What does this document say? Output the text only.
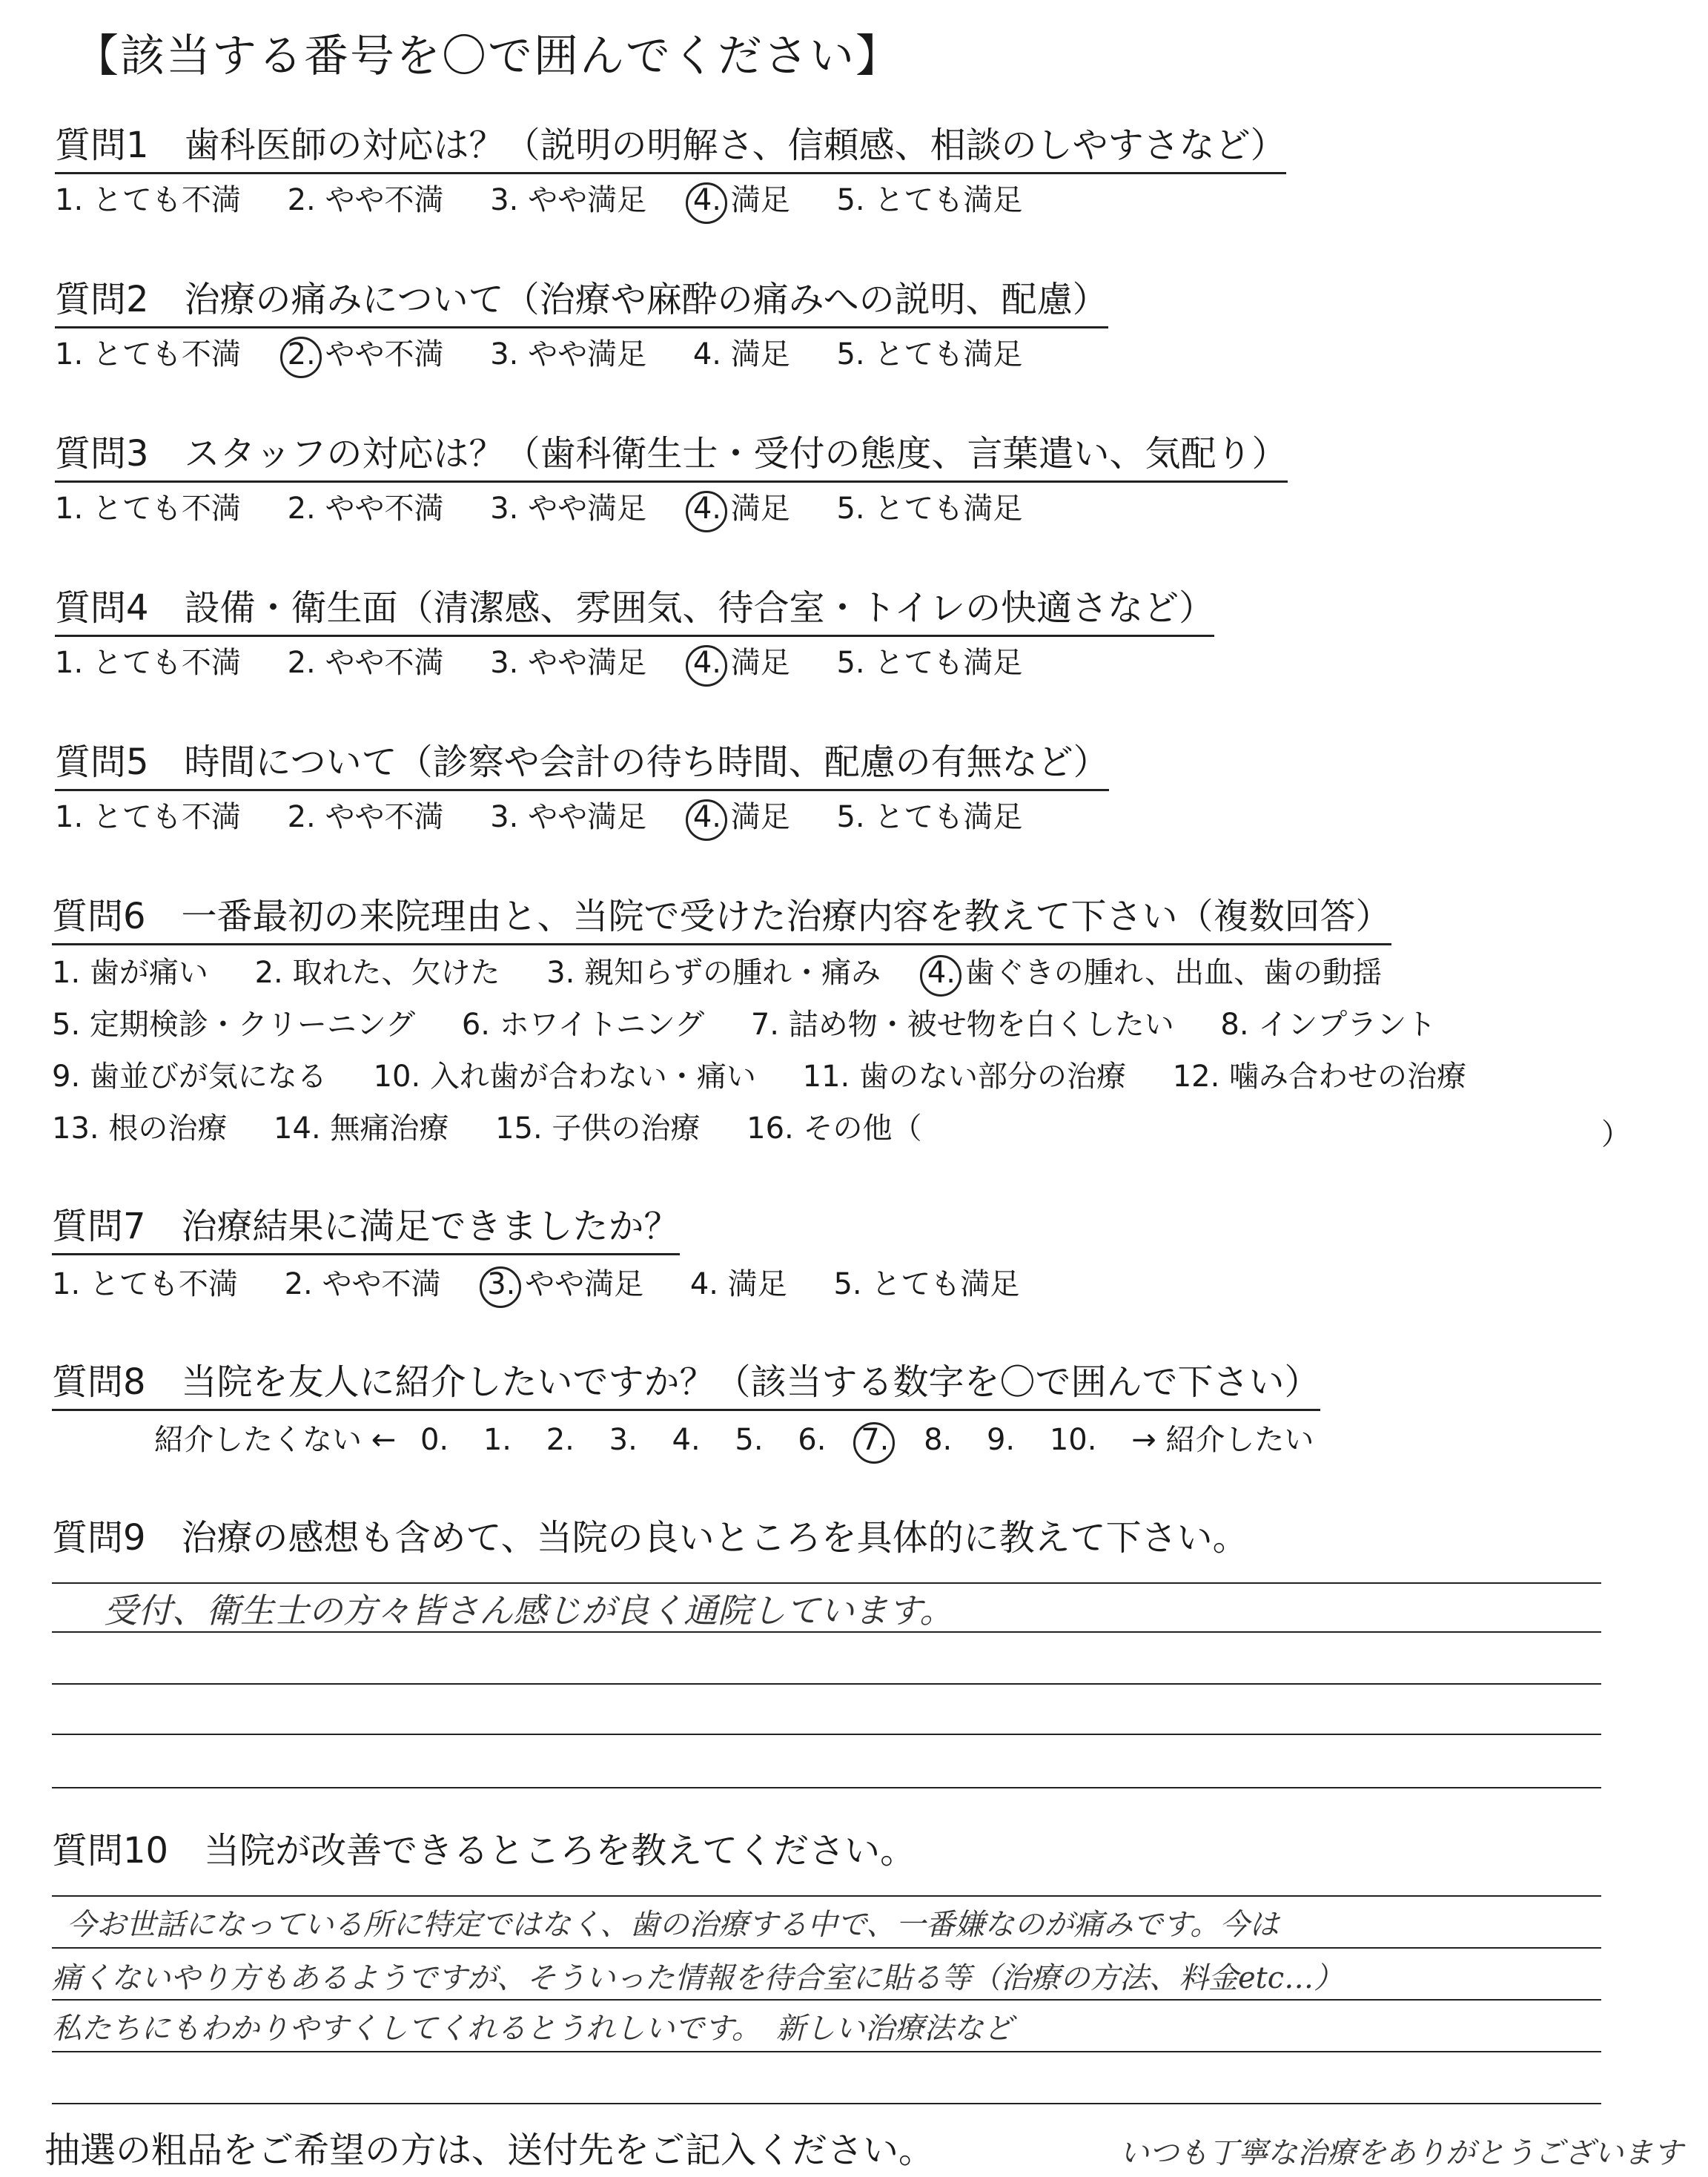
【該当する番号を〇で囲んでください】
質問1　歯科医師の対応は？（説明の明解さ、信頼感、相談のしやすさなど）
1. とても不満 2. やや不満 3. やや満足 4. 満足 5. とても満足
質問2　治療の痛みについて（治療や麻酔の痛みへの説明、配慮）
1. とても不満 2. やや不満 3. やや満足 4. 満足 5. とても満足
質問3　スタッフの対応は？（歯科衛生士・受付の態度、言葉遣い、気配り）
1. とても不満 2. やや不満 3. やや満足 4. 満足 5. とても満足
質問4　設備・衛生面（清潔感、雰囲気、待合室・トイレの快適さなど）
1. とても不満 2. やや不満 3. やや満足 4. 満足 5. とても満足
質問5　時間について（診察や会計の待ち時間、配慮の有無など）
1. とても不満 2. やや不満 3. やや満足 4. 満足 5. とても満足
質問6　一番最初の来院理由と、当院で受けた治療内容を教えて下さい（複数回答）
1. 歯が痛い 2. 取れた、欠けた 3. 親知らずの腫れ・痛み 4. 歯ぐきの腫れ、出血、歯の動揺
5. 定期検診・クリーニング 6. ホワイトニング 7. 詰め物・被せ物を白くしたい 8. インプラント
9. 歯並びが気になる 10. 入れ歯が合わない・痛い 11. 歯のない部分の治療 12. 噛み合わせの治療
13. 根の治療 14. 無痛治療 15. 子供の治療 16. その他（	）
質問7　治療結果に満足できましたか？
1. とても不満 2. やや不満 3. やや満足 4. 満足 5. とても満足
質問8　当院を友人に紹介したいですか？（該当する数字を〇で囲んで下さい）
紹介したくない ← 0. 1. 2. 3. 4. 5. 6. 7. 8. 9. 10. → 紹介したい
質問9　治療の感想も含めて、当院の良いところを具体的に教えて下さい。
受付、衛生士の方々皆さん感じが良く通院しています。
質問10　当院が改善できるところを教えてください。
今お世話になっている所に特定ではなく、歯の治療する中で、一番嫌なのが痛みです。今は
痛くないやり方もあるようですが、そういった情報を待合室に貼る等（治療の方法、料金etc…）
私たちにもわかりやすくしてくれるとうれしいです。　新しい治療法など
抽選の粗品をご希望の方は、送付先をご記入ください。	いつも丁寧な治療をありがとうございます
